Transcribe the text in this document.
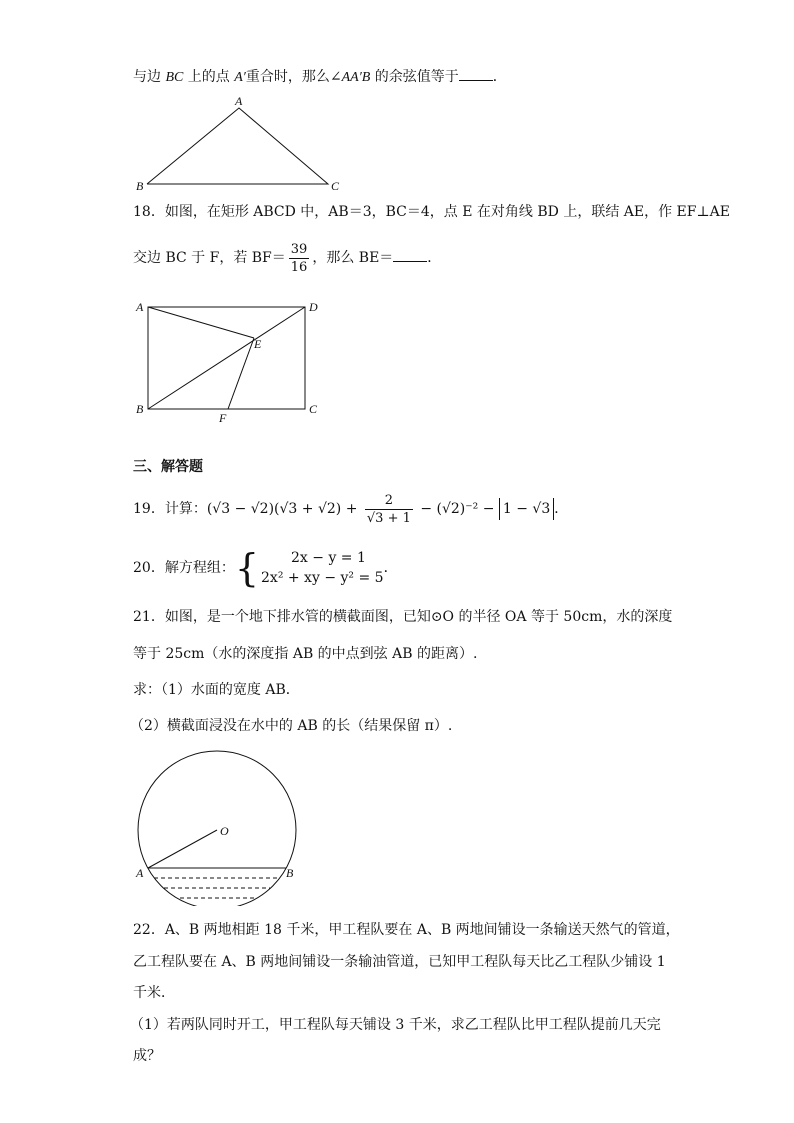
与边 BC 上的点 A′重合时，那么∠AA′B 的余弦值等于 ．
A
B	C
18．如图，在矩形 ABCD 中，AB＝3，BC＝4，点 E 在对角线 BD 上，联结 AE，作 EF⊥AE
交边 BC 于 F，若 $BF= \frac{39}{16}$ ，那么 BE＝ ．
A	D
E
B	C
F
三、解答题
19．计算：$(√3 - √2)(√3 + √2) + \frac{2}{√3 + 1} - (√2)^{-2} - 1 - √3$ ．
20．解方程组：{	2x − y = 1
2x² + xy − y² = 5
．
21．如图，是一个地下排水管的横截面图，已知⊙O 的半径 OA 等于 50cm，水的深度
等于 25cm（水的深度指 AB 的中点到弦 AB 的距离）.
求：（1）水面的宽度 AB．
（2）横截面浸没在水中的 AB 的长（结果保留 π）.
O
A	B
22．A、B 两地相距 18 千米，甲工程队要在 A、B 两地间铺设一条输送天然气的管道，
乙工程队要在 A、B 两地间铺设一条输油管道，已知甲工程队每天比乙工程队少铺设 1
千米．
（1）若两队同时开工，甲工程队每天铺设 3 千米，求乙工程队比甲工程队提前几天完
成？
